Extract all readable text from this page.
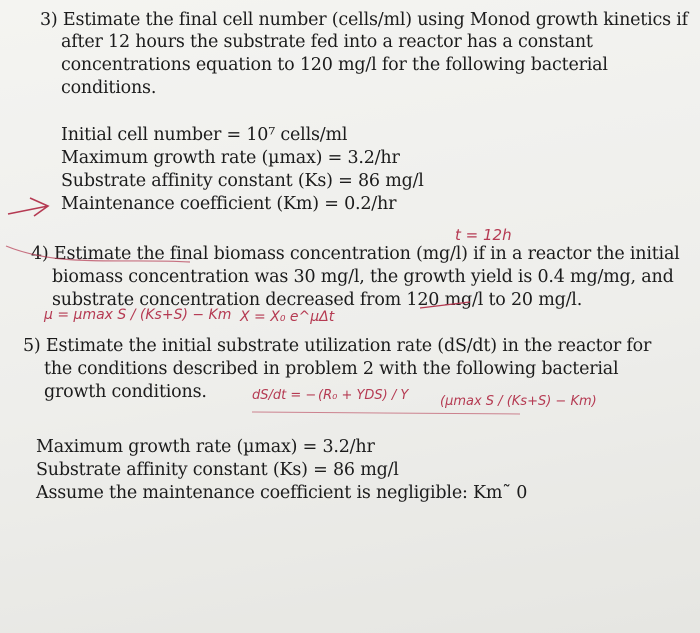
3) Estimate the final cell number (cells/ml) using Monod growth kinetics if
after 12 hours the substrate fed into a reactor has a constant
concentrations equation to 120 mg/l for the following bacterial
conditions.
Initial cell number = 10⁷ cells/ml
Maximum growth rate (µmax) = 3.2/hr
Substrate affinity constant (Ks) = 86 mg/l
Maintenance coefficient (Km) = 0.2/hr
4) Estimate the final biomass concentration (mg/l) if in a reactor the initial
biomass concentration was 30 mg/l, the growth yield is 0.4 mg/mg, and
substrate concentration decreased from 120 mg/l to 20 mg/l.
5) Estimate the initial substrate utilization rate (dS/dt) in the reactor for
the conditions described in problem 2 with the following bacterial
growth conditions.
Maximum growth rate (µmax) = 3.2/hr
Substrate affinity constant (Ks) = 86 mg/l
Assume the maintenance coefficient is negligible: Km˜ 0
t = 12h
µ = µmax S / (Ks+S) − Km X = X₀ e^µΔt
dS/dt = − (R₀ + YDS) / Y (µmax S / (Ks+S) − Km)
